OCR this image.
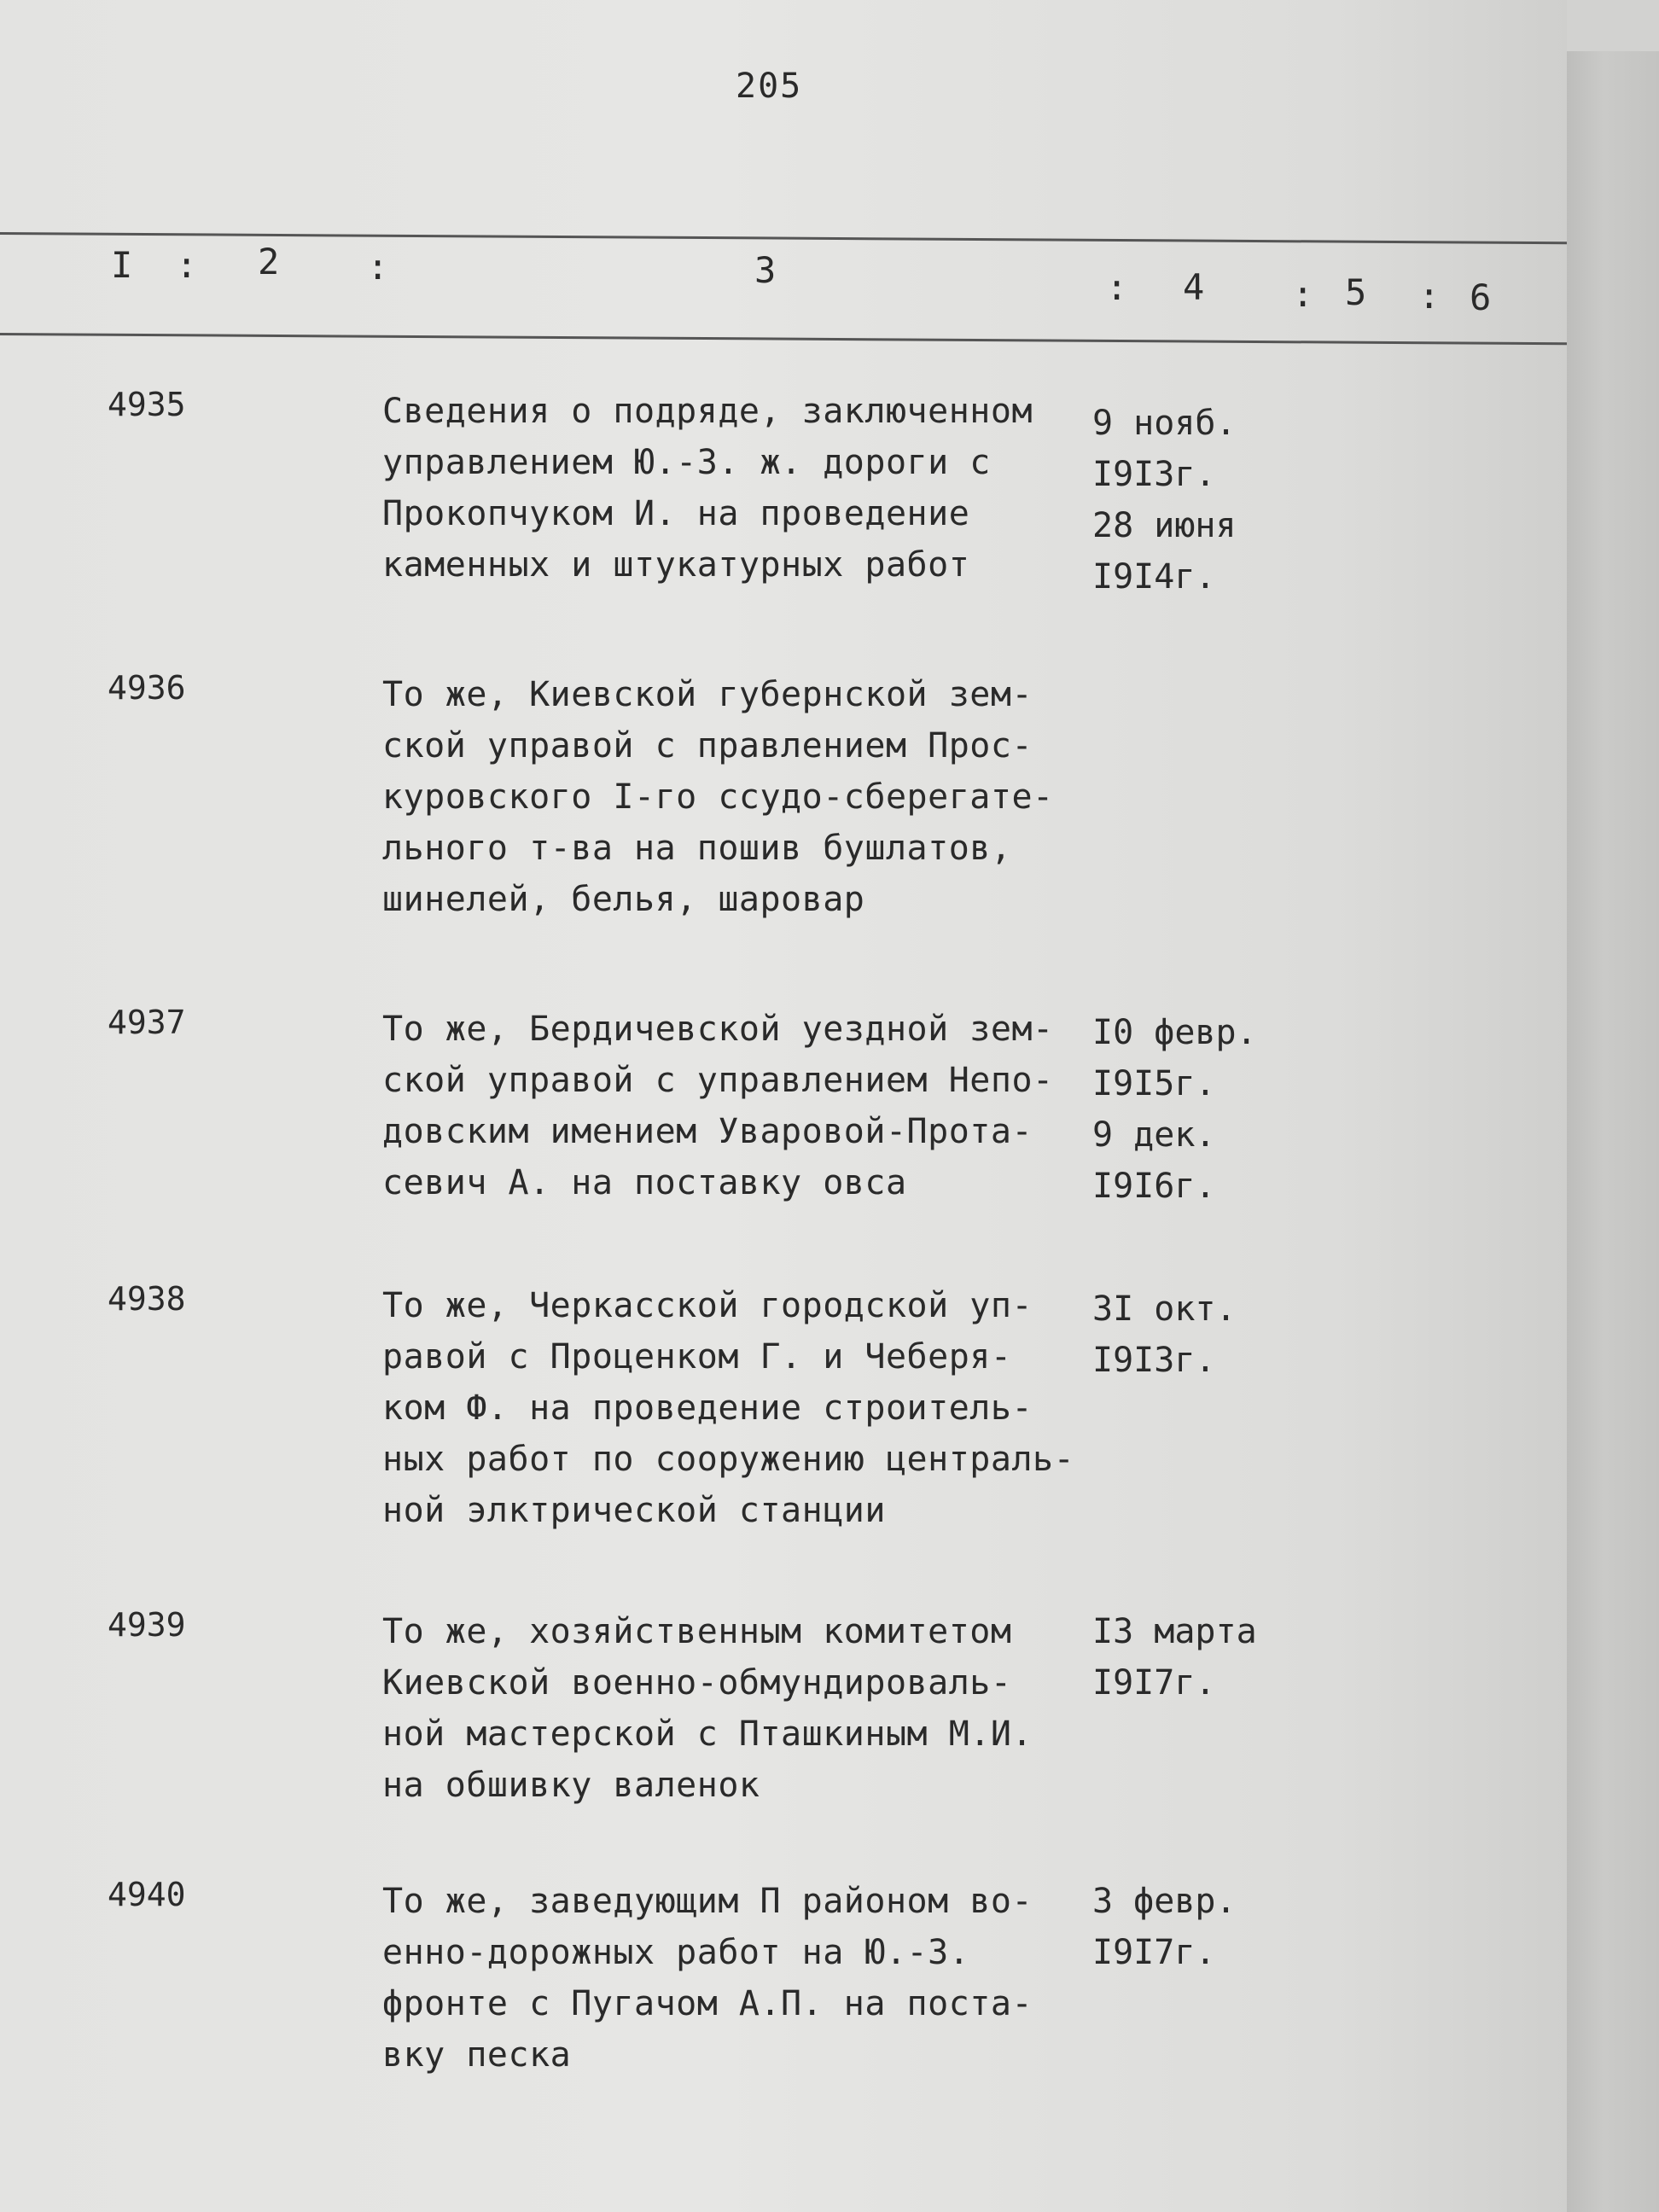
205
I : 2 :	3	: 4 : 5 : 6
4935	Сведения о подряде, заключенном
управлением Ю.-З. ж. дороги с
Прокопчуком И. на проведение
каменных и штукатурных работ
9 нояб.
I9I3г.
28 июня
I9I4г.
4936	То же, Киевской губернской зем-
ской управой с правлением Прос-
куровского I-го ссудо-сберегате-
льного т-ва на пошив бушлатов,
шинелей, белья, шаровар
4937	То же, Бердичевской уездной зем-
ской управой с управлением Непо-
довским имением Уваровой-Прота-
севич А. на поставку овса
I0 февр.
I9I5г.
9 дек.
I9I6г.
4938	То же, Черкасской городской уп-
равой с Проценком Г. и Чеберя-
ком Ф. на проведение строитель-
ных работ по сооружению централь-
ной элктрической станции
3I окт.
I9I3г.
4939	То же, хозяйственным комитетом
Киевской военно-обмундироваль-
ной мастерской с Пташкиным М.И.
на обшивку валенок
I3 марта
I9I7г.
4940	То же, заведующим П районом во-
енно-дорожных работ на Ю.-З.
фронте с Пугачом А.П. на поста-
вку песка
3 февр.
I9I7г.
